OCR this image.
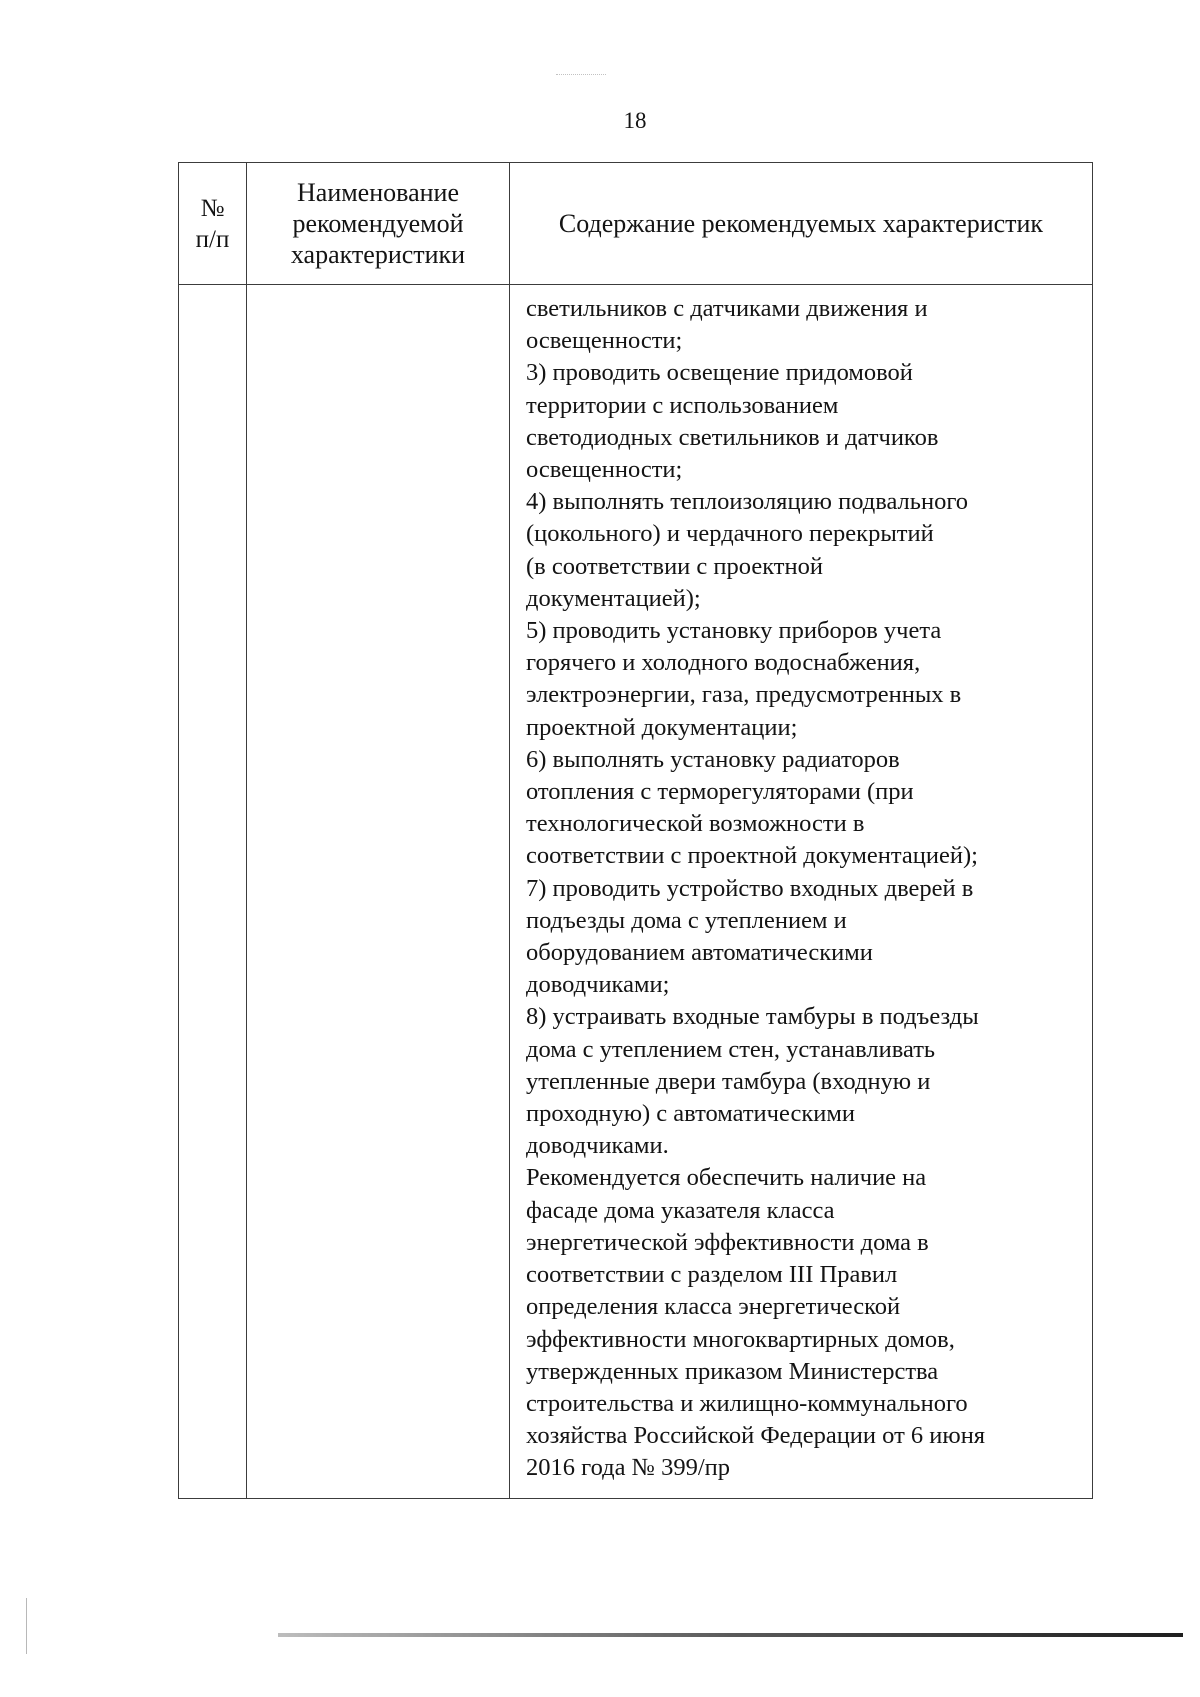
18
№
п/п
Наименование
рекомендуемой
характеристики
Содержание рекомендуемых характеристик

светильников с датчиками движения и

освещенности;

3) проводить освещение придомовой

территории с использованием

светодиодных светильников и датчиков

освещенности;

4) выполнять теплоизоляцию подвального

(цокольного) и чердачного перекрытий

(в соответствии с проектной

документацией);

5) проводить установку приборов учета

горячего и холодного водоснабжения,

электроэнергии, газа, предусмотренных в

проектной документации;

6) выполнять установку радиаторов

отопления с терморегуляторами (при

технологической возможности в

соответствии с проектной документацией);

7) проводить устройство входных дверей в

подъезды дома с утеплением и

оборудованием автоматическими

доводчиками;

8) устраивать входные тамбуры в подъезды

дома с утеплением стен, устанавливать

утепленные двери тамбура (входную и

проходную) с автоматическими

доводчиками.

Рекомендуется обеспечить наличие на

фасаде дома указателя класса

энергетической эффективности дома в

соответствии с разделом III Правил

определения класса энергетической

эффективности многоквартирных домов,

утвержденных приказом Министерства

строительства и жилищно-коммунального

хозяйства Российской Федерации от 6 июня

2016 года № 399/пр
